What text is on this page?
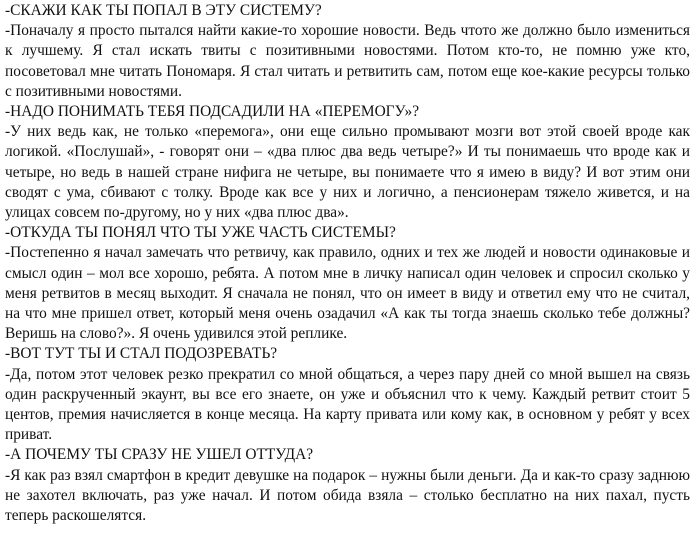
-СКАЖИ КАК ТЫ ПОПАЛ В ЭТУ СИСТЕМУ?

-Поначалу я просто пытался найти какие-то хорошие новости. Ведь чтото же должно было измениться к лучшему. Я стал искать твиты с позитивными новостями. Потом кто-то, не помню уже кто, посоветовал мне читать Пономаря. Я стал читать и ретвитить сам, потом еще кое-какие ресурсы только с позитивными новостями.

-НАДО ПОНИМАТЬ ТЕБЯ ПОДСАДИЛИ НА «ПЕРЕМОГУ»?

-У них ведь как, не только «перемога», они еще сильно промывают мозги вот этой своей вроде как логикой. «Послушай», - говорят они – «два плюс два ведь четыре?» И ты понимаешь что вроде как и четыре, но ведь в нашей стране нифига не четыре, вы понимаете что я имею в виду? И вот этим они сводят с ума, сбивают с толку. Вроде как все у них и логично, а пенсионерам тяжело живется, и на улицах совсем по-другому, но у них «два плюс два».

-ОТКУДА ТЫ ПОНЯЛ ЧТО ТЫ УЖЕ ЧАСТЬ СИСТЕМЫ?

-Постепенно я начал замечать что ретвичу, как правило, одних и тех же людей и новости одинаковые и смысл один – мол все хорошо, ребята. А потом мне в личку написал один человек и спросил сколько у меня ретвитов в месяц выходит. Я сначала не понял, что он имеет в виду и ответил ему что не считал, на что мне пришел ответ, который меня очень озадачил «А как ты тогда знаешь сколько тебе должны? Веришь на слово?». Я очень удивился этой реплике.

-ВОТ ТУТ ТЫ И СТАЛ ПОДОЗРЕВАТЬ?

-Да, потом этот человек резко прекратил со мной общаться, а через пару дней со мной вышел на связь один раскрученный экаунт, вы все его знаете, он уже и объяснил что к чему. Каждый ретвит стоит 5 центов, премия начисляется в конце месяца. На карту привата или кому как, в основном у ребят у всех приват.

-А ПОЧЕМУ ТЫ СРАЗУ НЕ УШЕЛ ОТТУДА?

-Я как раз взял смартфон в кредит девушке на подарок – нужны были деньги. Да и как-то сразу заднюю не захотел включать, раз уже начал. И потом обида взяла – столько бесплатно на них пахал, пусть теперь раскошелятся.
